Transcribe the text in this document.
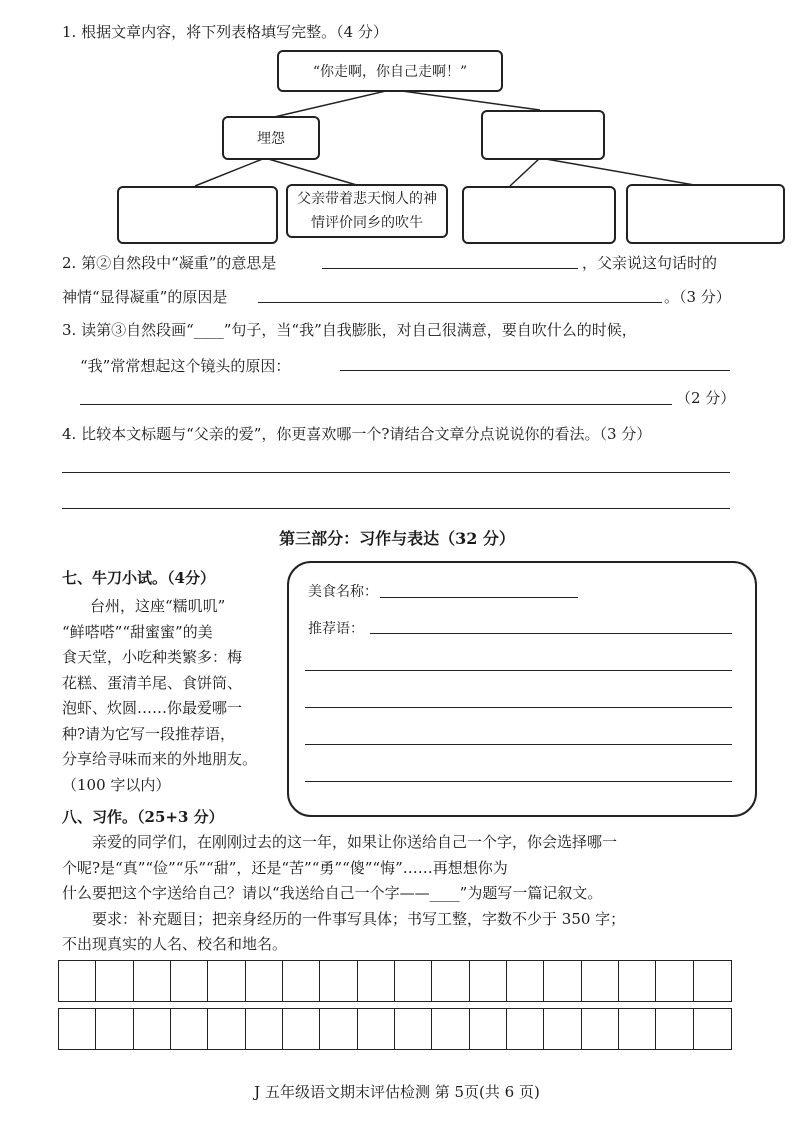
1. 根据文章内容，将下列表格填写完整。（4 分）
“你走啊，你自己走啊！”
埋怨
父亲带着悲天悯人的神情评价同乡的吹牛
2. 第②自然段中“凝重”的意思是	，父亲说这句话时的
神情“显得凝重”的原因是	。（3 分）
3. 读第③自然段画“____”句子，当“我”自我膨胀，对自己很满意，要自吹什么的时候，
“我”常常想起这个镜头的原因：
（2 分）
4. 比较本文标题与“父亲的爱”，你更喜欢哪一个?请结合文章分点说说你的看法。（3 分）
第三部分：习作与表达（32 分）
七、牛刀小试。（4分）
台州，这座“糯叽叽”
“鲜嗒嗒”“甜蜜蜜”的美
食天堂，小吃种类繁多：梅
花糕、蛋清羊尾、食饼筒、
泡虾、炊圆……你最爱哪一
种?请为它写一段推荐语，
分享给寻味而来的外地朋友。
（100 字以内）
美食名称：
推荐语：
八、习作。（25+3 分）
亲爱的同学们，在刚刚过去的这一年，如果让你送给自己一个字，你会选择哪一
个呢?是“真”“俭”“乐”“甜”，还是“苦”“勇”“傻”“悔”……再想想你为
什么要把这个字送给自己？请以“我送给自己一个字——____”为题写一篇记叙文。
要求：补充题目；把亲身经历的一件事写具体；书写工整，字数不少于 350 字；
不出现真实的人名、校名和地名。
J 五年级语文期末评估检测 第 5页(共 6 页)
